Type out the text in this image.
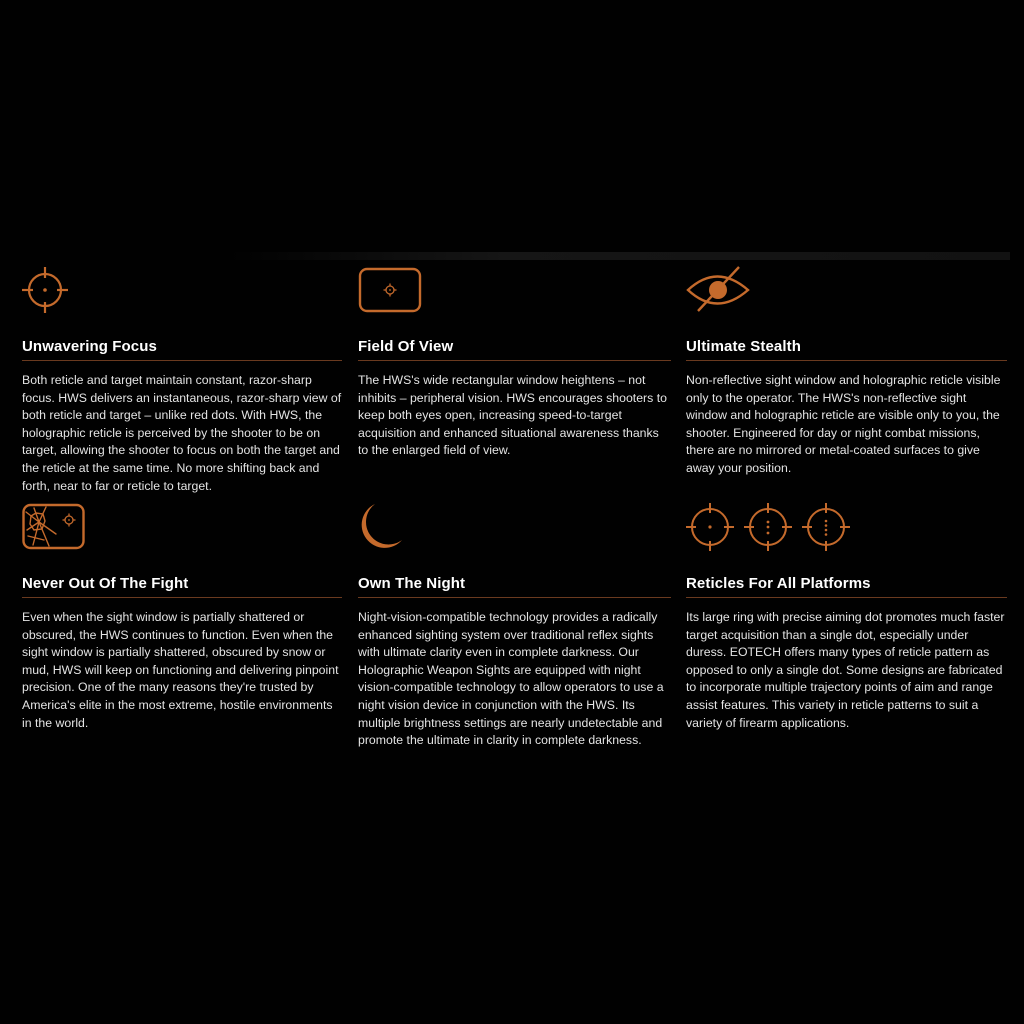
Unwavering Focus

Both reticle and target maintain constant, razor-sharp focus. HWS delivers an instantaneous, razor-sharp view of both reticle and target – unlike red dots. With HWS, the holographic reticle is perceived by the shooter to be on target, allowing the shooter to focus on both the target and the reticle at the same time. No more shifting back and forth, near to far or reticle to target.

Field Of View

The HWS's wide rectangular window heightens – not inhibits – peripheral vision. HWS encourages shooters to keep both eyes open, increasing speed-to-target acquisition and enhanced situational awareness thanks to the enlarged field of view.

Ultimate Stealth

Non-reflective sight window and holographic reticle visible only to the operator. The HWS's non-reflective sight window and holographic reticle are visible only to you, the shooter. Engineered for day or night combat missions, there are no mirrored or metal-coated surfaces to give away your position.

Never Out Of The Fight

Even when the sight window is partially shattered or obscured, the HWS continues to function. Even when the sight window is partially shattered, obscured by snow or mud, HWS will keep on functioning and delivering pinpoint precision. One of the many reasons they're trusted by America's elite in the most extreme, hostile environments in the world.

Own The Night

Night-vision-compatible technology provides a radically enhanced sighting system over traditional reflex sights with ultimate clarity even in complete darkness. Our Holographic Weapon Sights are equipped with night vision-compatible technology to allow operators to use a night vision device in conjunction with the HWS. Its multiple brightness settings are nearly undetectable and promote the ultimate in clarity in complete darkness.

Reticles For All Platforms

Its large ring with precise aiming dot promotes much faster target acquisition than a single dot, especially under duress. EOTECH offers many types of reticle pattern as opposed to only a single dot. Some designs are fabricated to incorporate multiple trajectory points of aim and range assist features. This variety in reticle patterns to suit a variety of firearm applications.
